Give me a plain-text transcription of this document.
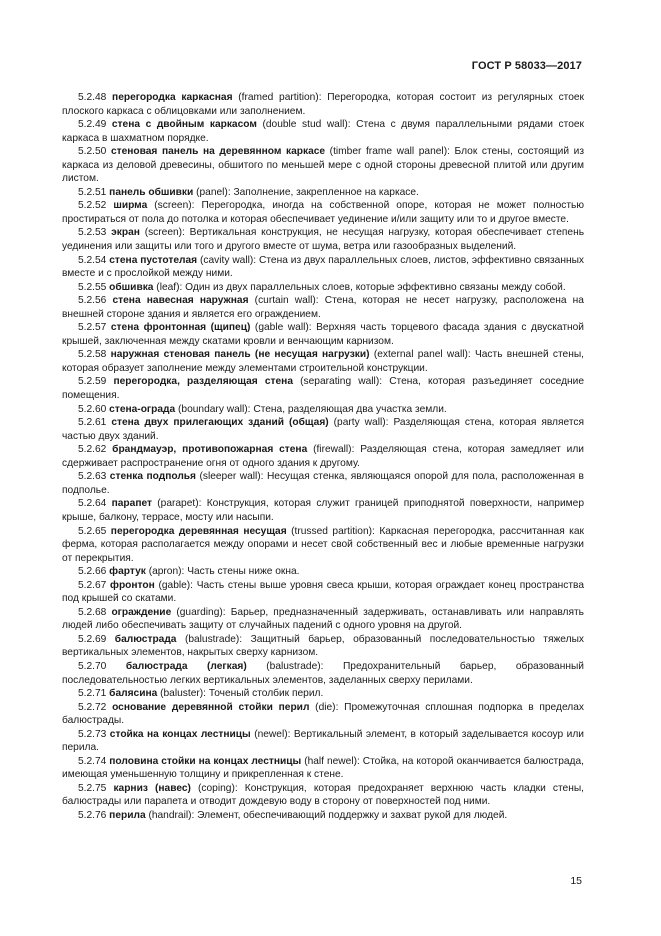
ГОСТ Р 58033—2017

5.2.48 перегородка каркасная (framed partition): Перегородка, которая состоит из регулярных стоек плоского каркаса с облицовками или заполнением.

5.2.49 стена с двойным каркасом (double stud wall): Стена с двумя параллельными рядами стоек каркаса в шахматном порядке.

5.2.50 стеновая панель на деревянном каркасе (timber frame wall panel): Блок стены, состоящий из каркаса из деловой древесины, обшитого по меньшей мере с одной стороны древесной плитой или другим листом.

5.2.51 панель обшивки (panel): Заполнение, закрепленное на каркасе.

5.2.52 ширма (screen): Перегородка, иногда на собственной опоре, которая не может полностью простираться от пола до потолка и которая обеспечивает уединение и/или защиту или то и другое вместе.

5.2.53 экран (screen): Вертикальная конструкция, не несущая нагрузку, которая обеспечивает степень уединения или защиты или того и другого вместе от шума, ветра или газообразных выделений.

5.2.54 стена пустотелая (cavity wall): Стена из двух параллельных слоев, листов, эффективно связанных вместе и с прослойкой между ними.

5.2.55 обшивка (leaf): Один из двух параллельных слоев, которые эффективно связаны между собой.

5.2.56 стена навесная наружная (curtain wall): Стена, которая не несет нагрузку, расположена на внешней стороне здания и является его ограждением.

5.2.57 стена фронтонная (щипец) (gable wall): Верхняя часть торцевого фасада здания с двускатной крышей, заключенная между скатами кровли и венчающим карнизом.

5.2.58 наружная стеновая панель (не несущая нагрузки) (external panel wall): Часть внешней стены, которая образует заполнение между элементами строительной конструкции.

5.2.59 перегородка, разделяющая стена (separating wall): Стена, которая разъединяет соседние помещения.

5.2.60 стена-ограда (boundary wall): Стена, разделяющая два участка земли.

5.2.61 стена двух прилегающих зданий (общая) (party wall): Разделяющая стена, которая является частью двух зданий.

5.2.62 брандмауэр, противопожарная стена (firewall): Разделяющая стена, которая замедляет или сдерживает распространение огня от одного здания к другому.

5.2.63 стенка подполья (sleeper wall): Несущая стенка, являющаяся опорой для пола, расположенная в подполье.

5.2.64 парапет (parapet): Конструкция, которая служит границей приподнятой поверхности, например крыше, балкону, террасе, мосту или насыпи.

5.2.65 перегородка деревянная несущая (trussed partition): Каркасная перегородка, рассчитанная как ферма, которая располагается между опорами и несет свой собственный вес и любые временные нагрузки от перекрытия.

5.2.66 фартук (apron): Часть стены ниже окна.

5.2.67 фронтон (gable): Часть стены выше уровня свеса крыши, которая ограждает конец пространства под крышей со скатами.

5.2.68 ограждение (guarding): Барьер, предназначенный задерживать, останавливать или направлять людей либо обеспечивать защиту от случайных падений с одного уровня на другой.

5.2.69 балюстрада (balustrade): Защитный барьер, образованный последовательностью тяжелых вертикальных элементов, накрытых сверху карнизом.

5.2.70 балюстрада (легкая) (balustrade): Предохранительный барьер, образованный последовательностью легких вертикальных элементов, заделанных сверху перилами.

5.2.71 балясина (baluster): Точеный столбик перил.

5.2.72 основание деревянной стойки перил (die): Промежуточная сплошная подпорка в пределах балюстрады.

5.2.73 стойка на концах лестницы (newel): Вертикальный элемент, в который заделывается косоур или перила.

5.2.74 половина стойки на концах лестницы (half newel): Стойка, на которой оканчивается балюстрада, имеющая уменьшенную толщину и прикрепленная к стене.

5.2.75 карниз (навес) (coping): Конструкция, которая предохраняет верхнюю часть кладки стены, балюстрады или парапета и отводит дождевую воду в сторону от поверхностей под ними.

5.2.76 перила (handrail): Элемент, обеспечивающий поддержку и захват рукой для людей.

15
